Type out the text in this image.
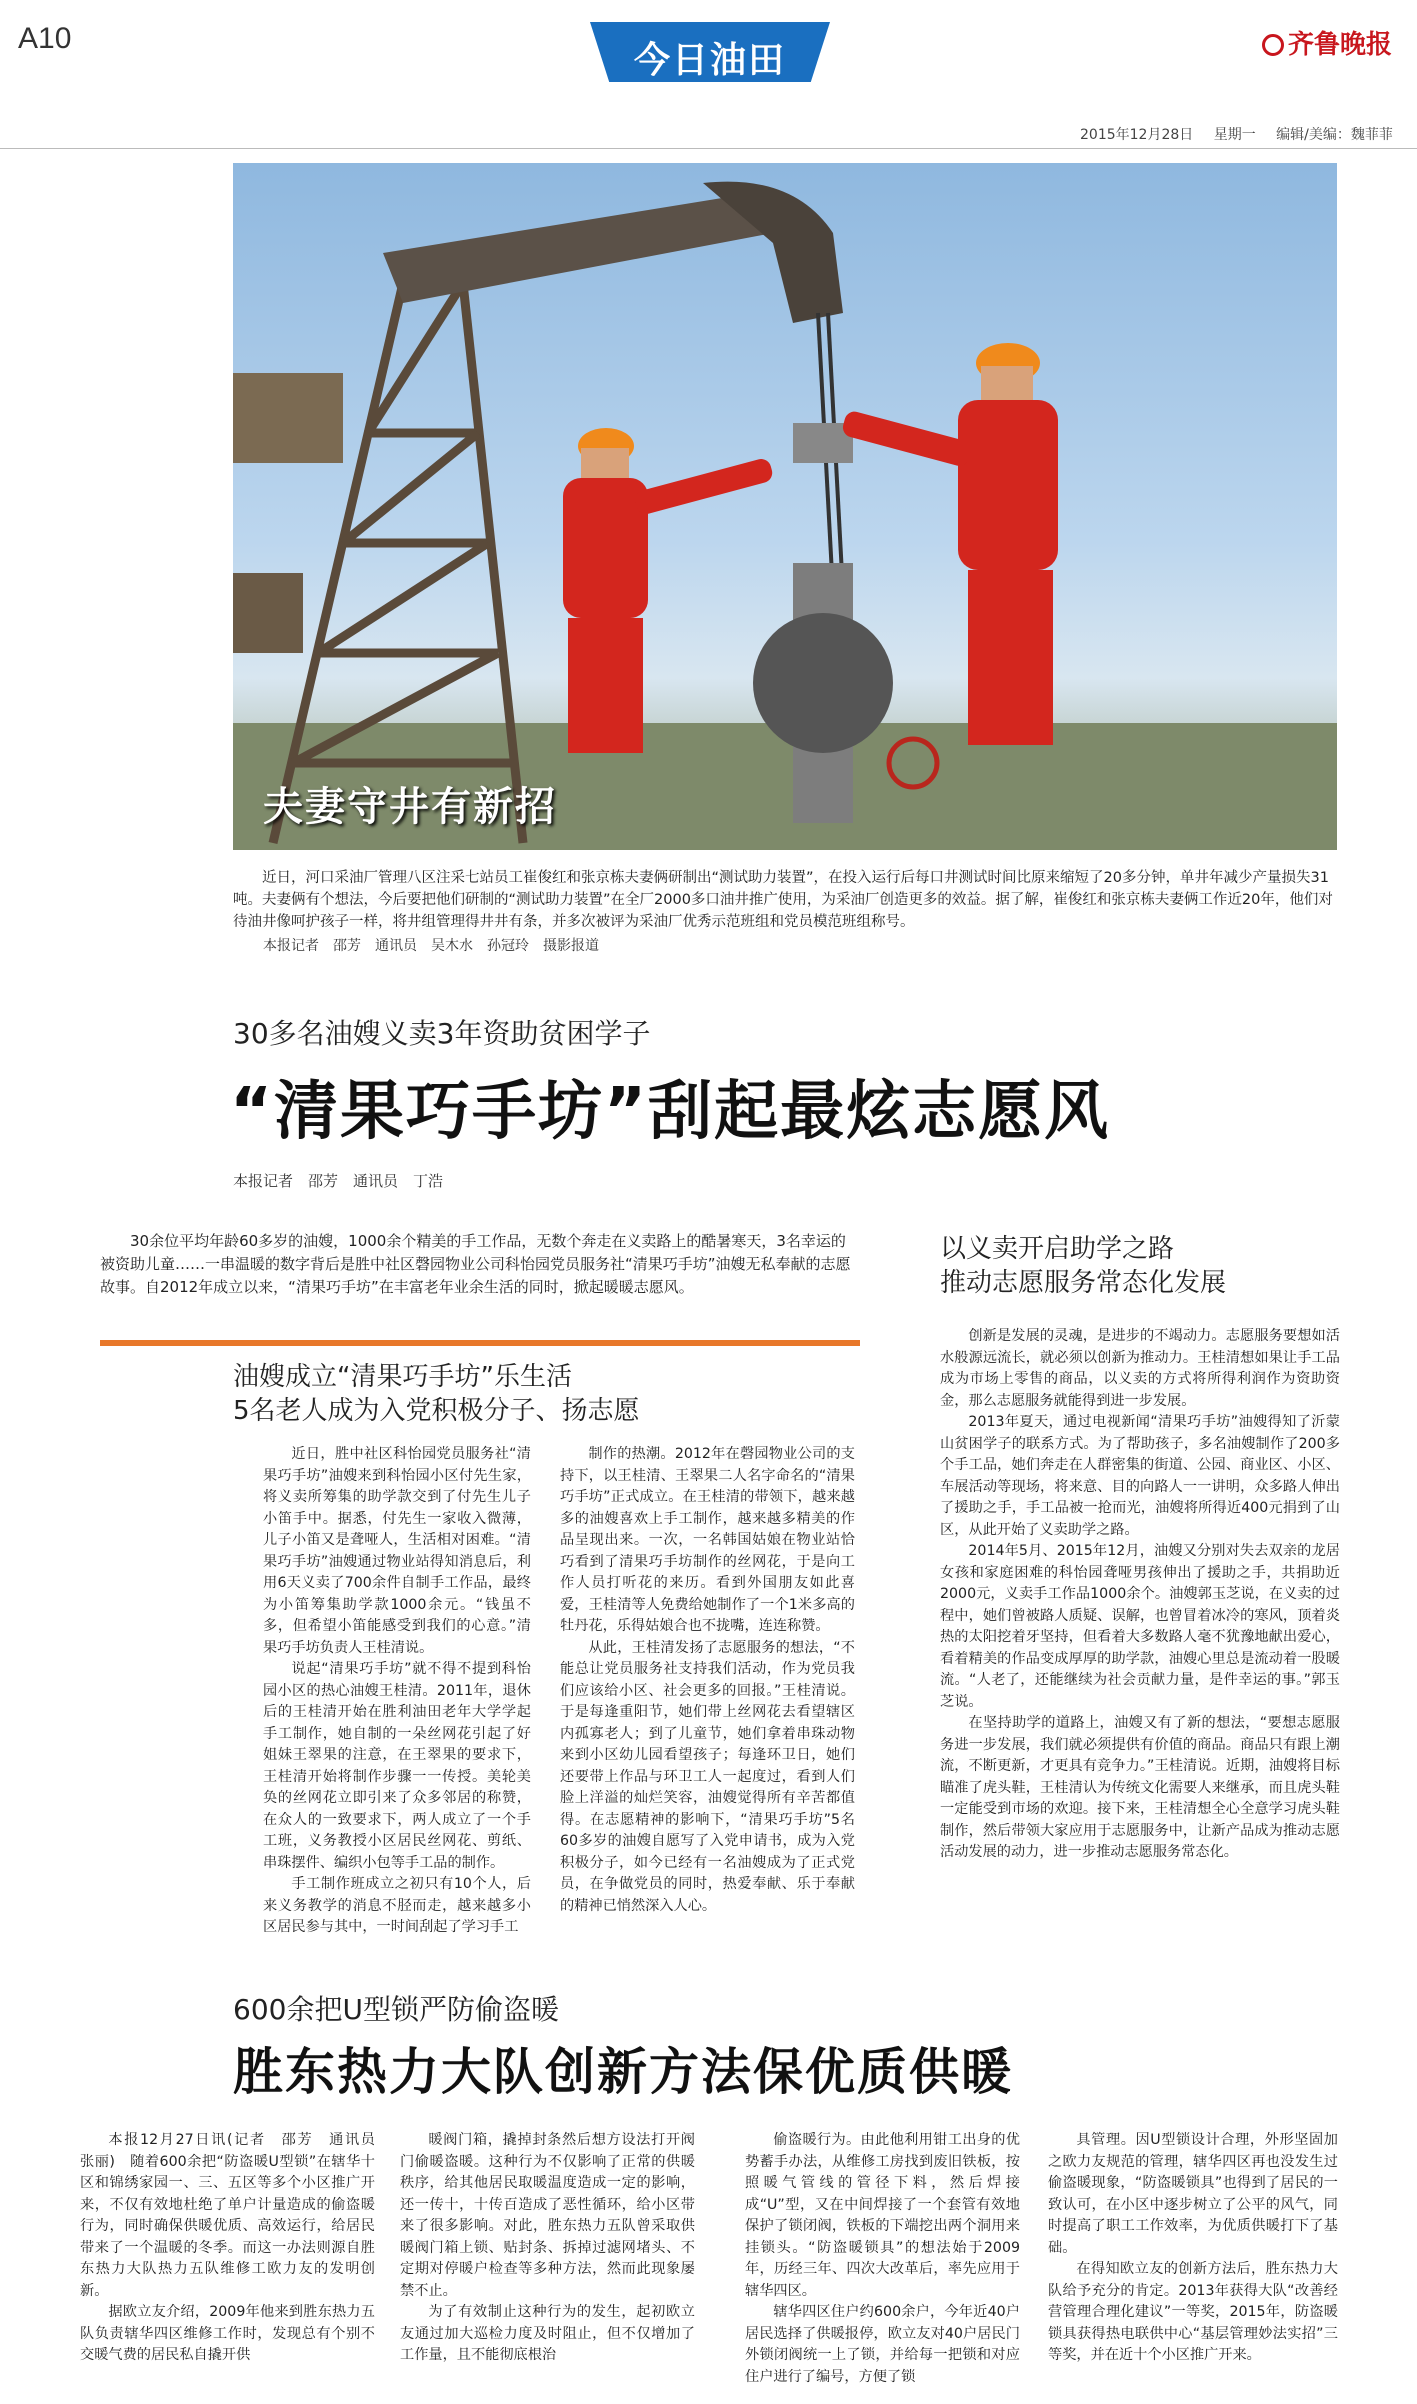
A10
今日油田	齐鲁晚报
2015年12月28日 星期一 编辑/美编：魏菲菲
夫妻守井有新招
近日，河口采油厂管理八区注采七站员工崔俊红和张京栋夫妻俩研制出“测试助力装置”，在投入运行后每口井测试时间比原来缩短了20多分钟，单井年减少产量损失31吨。夫妻俩有个想法，今后要把他们研制的“测试助力装置”在全厂2000多口油井推广使用，为采油厂创造更多的效益。据了解，崔俊红和张京栋夫妻俩工作近20年，他们对待油井像呵护孩子一样，将井组管理得井井有条，并多次被评为采油厂优秀示范班组和党员模范班组称号。
本报记者　邵芳　通讯员　吴木水　孙冠玲　摄影报道
30多名油嫂义卖3年资助贫困学子
“清果巧手坊”刮起最炫志愿风
本报记者　邵芳　通讯员　丁浩
30余位平均年龄60多岁的油嫂，1000余个精美的手工作品，无数个奔走在义卖路上的酷暑寒天，3名幸运的被资助儿童……一串温暖的数字背后是胜中社区磬园物业公司科怡园党员服务社“清果巧手坊”油嫂无私奉献的志愿故事。自2012年成立以来，“清果巧手坊”在丰富老年业余生活的同时，掀起暖暖志愿风。
油嫂成立“清果巧手坊”乐生活
5名老人成为入党积极分子、扬志愿

近日，胜中社区科怡园党员服务社“清果巧手坊”油嫂来到科怡园小区付先生家，将义卖所筹集的助学款交到了付先生儿子小笛手中。据悉，付先生一家收入微薄，儿子小笛又是聋哑人，生活相对困难。“清果巧手坊”油嫂通过物业站得知消息后，利用6天义卖了700余件自制手工作品，最终为小笛筹集助学款1000余元。“钱虽不多，但希望小笛能感受到我们的心意。”清果巧手坊负责人王桂清说。

说起“清果巧手坊”就不得不提到科怡园小区的热心油嫂王桂清。2011年，退休后的王桂清开始在胜利油田老年大学学起手工制作，她自制的一朵丝网花引起了好姐妹王翠果的注意，在王翠果的要求下，王桂清开始将制作步骤一一传授。美轮美奂的丝网花立即引来了众多邻居的称赞，在众人的一致要求下，两人成立了一个手工班，义务教授小区居民丝网花、剪纸、串珠摆件、编织小包等手工品的制作。

手工制作班成立之初只有10个人，后来义务教学的消息不胫而走，越来越多小区居民参与其中，一时间刮起了学习手工

制作的热潮。2012年在磬园物业公司的支持下，以王桂清、王翠果二人名字命名的“清果巧手坊”正式成立。在王桂清的带领下，越来越多的油嫂喜欢上手工制作，越来越多精美的作品呈现出来。一次，一名韩国姑娘在物业站恰巧看到了清果巧手坊制作的丝网花，于是向工作人员打听花的来历。看到外国朋友如此喜爱，王桂清等人免费给她制作了一个1米多高的牡丹花，乐得姑娘合也不拢嘴，连连称赞。

从此，王桂清发扬了志愿服务的想法，“不能总让党员服务社支持我们活动，作为党员我们应该给小区、社会更多的回报。”王桂清说。于是每逢重阳节，她们带上丝网花去看望辖区内孤寡老人；到了儿童节，她们拿着串珠动物来到小区幼儿园看望孩子；每逢环卫日，她们还要带上作品与环卫工人一起度过，看到人们脸上洋溢的灿烂笑容，油嫂觉得所有辛苦都值得。在志愿精神的影响下，“清果巧手坊”5名60多岁的油嫂自愿写了入党申请书，成为入党积极分子，如今已经有一名油嫂成为了正式党员，在争做党员的同时，热爱奉献、乐于奉献的精神已悄然深入人心。

以义卖开启助学之路
推动志愿服务常态化发展

创新是发展的灵魂，是进步的不竭动力。志愿服务要想如活水般源远流长，就必须以创新为推动力。王桂清想如果让手工品成为市场上零售的商品，以义卖的方式将所得利润作为资助资金，那么志愿服务就能得到进一步发展。

2013年夏天，通过电视新闻“清果巧手坊”油嫂得知了沂蒙山贫困学子的联系方式。为了帮助孩子，多名油嫂制作了200多个手工品，她们奔走在人群密集的街道、公园、商业区、小区、车展活动等现场，将来意、目的向路人一一讲明，众多路人伸出了援助之手，手工品被一抢而光，油嫂将所得近400元捐到了山区，从此开始了义卖助学之路。

2014年5月、2015年12月，油嫂又分别对失去双亲的龙居女孩和家庭困难的科怡园聋哑男孩伸出了援助之手，共捐助近2000元，义卖手工作品1000余个。油嫂郭玉芝说，在义卖的过程中，她们曾被路人质疑、误解，也曾冒着冰冷的寒风，顶着炎热的太阳挖着牙坚持，但看着大多数路人毫不犹豫地献出爱心，看着精美的作品变成厚厚的助学款，油嫂心里总是流动着一股暖流。“人老了，还能继续为社会贡献力量，是件幸运的事。”郭玉芝说。

在坚持助学的道路上，油嫂又有了新的想法，“要想志愿服务进一步发展，我们就必须提供有价值的商品。商品只有跟上潮流，不断更新，才更具有竞争力。”王桂清说。近期，油嫂将目标瞄准了虎头鞋，王桂清认为传统文化需要人来继承，而且虎头鞋一定能受到市场的欢迎。接下来，王桂清想全心全意学习虎头鞋制作，然后带领大家应用于志愿服务中，让新产品成为推动志愿活动发展的动力，进一步推动志愿服务常态化。

600余把U型锁严防偷盗暖
胜东热力大队创新方法保优质供暖

本报12月27日讯(记者　邵芳　通讯员　张丽)　随着600余把“防盗暖U型锁”在辖华十区和锦绣家园一、三、五区等多个小区推广开来，不仅有效地杜绝了单户计量造成的偷盗暖行为，同时确保供暖优质、高效运行，给居民带来了一个温暖的冬季。而这一办法则源自胜东热力大队热力五队维修工欧力友的发明创新。

据欧立友介绍，2009年他来到胜东热力五队负责辖华四区维修工作时，发现总有个别不交暖气费的居民私自撬开供

暖阀门箱，撬掉封条然后想方设法打开阀门偷暖盗暖。这种行为不仅影响了正常的供暖秩序，给其他居民取暖温度造成一定的影响，还一传十，十传百造成了恶性循环，给小区带来了很多影响。对此，胜东热力五队曾采取供暖阀门箱上锁、贴封条、拆掉过滤网堵头、不定期对停暖户检查等多种方法，然而此现象屡禁不止。

为了有效制止这种行为的发生，起初欧立友通过加大巡检力度及时阻止，但不仅增加了工作量，且不能彻底根治

偷盗暖行为。由此他利用钳工出身的优势蓄手办法，从维修工房找到废旧铁板，按照暖气管线的管径下料，然后焊接成“U”型，又在中间焊接了一个套管有效地保护了锁闭阀，铁板的下端挖出两个洞用来挂锁头。“防盗暖锁具”的想法始于2009年，历经三年、四次大改革后，率先应用于辖华四区。

辖华四区住户约600余户，今年近40户居民选择了供暖报停，欧立友对40户居民门外锁闭阀统一上了锁，并给每一把锁和对应住户进行了编号，方便了锁

具管理。因U型锁设计合理，外形坚固加之欧力友规范的管理，辖华四区再也没发生过偷盗暖现象，“防盗暖锁具”也得到了居民的一致认可，在小区中逐步树立了公平的风气，同时提高了职工工作效率，为优质供暖打下了基础。

在得知欧立友的创新方法后，胜东热力大队给予充分的肯定。2013年获得大队“改善经营管理合理化建议”一等奖，2015年，防盗暖锁具获得热电联供中心“基层管理妙法实招”三等奖，并在近十个小区推广开来。
